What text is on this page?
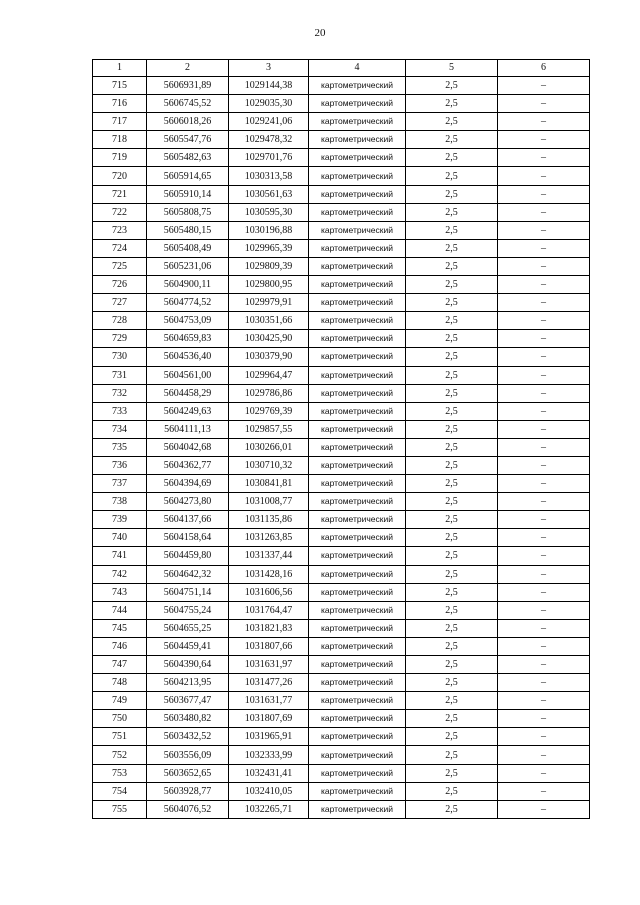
20
1	2	3	4	5	6
715	5606931,89	1029144,38	картометрический	2,5	–
716	5606745,52	1029035,30	картометрический	2,5	–
717	5606018,26	1029241,06	картометрический	2,5	–
718	5605547,76	1029478,32	картометрический	2,5	–
719	5605482,63	1029701,76	картометрический	2,5	–
720	5605914,65	1030313,58	картометрический	2,5	–
721	5605910,14	1030561,63	картометрический	2,5	–
722	5605808,75	1030595,30	картометрический	2,5	–
723	5605480,15	1030196,88	картометрический	2,5	–
724	5605408,49	1029965,39	картометрический	2,5	–
725	5605231,06	1029809,39	картометрический	2,5	–
726	5604900,11	1029800,95	картометрический	2,5	–
727	5604774,52	1029979,91	картометрический	2,5	–
728	5604753,09	1030351,66	картометрический	2,5	–
729	5604659,83	1030425,90	картометрический	2,5	–
730	5604536,40	1030379,90	картометрический	2,5	–
731	5604561,00	1029964,47	картометрический	2,5	–
732	5604458,29	1029786,86	картометрический	2,5	–
733	5604249,63	1029769,39	картометрический	2,5	–
734	5604111,13	1029857,55	картометрический	2,5	–
735	5604042,68	1030266,01	картометрический	2,5	–
736	5604362,77	1030710,32	картометрический	2,5	–
737	5604394,69	1030841,81	картометрический	2,5	–
738	5604273,80	1031008,77	картометрический	2,5	–
739	5604137,66	1031135,86	картометрический	2,5	–
740	5604158,64	1031263,85	картометрический	2,5	–
741	5604459,80	1031337,44	картометрический	2,5	–
742	5604642,32	1031428,16	картометрический	2,5	–
743	5604751,14	1031606,56	картометрический	2,5	–
744	5604755,24	1031764,47	картометрический	2,5	–
745	5604655,25	1031821,83	картометрический	2,5	–
746	5604459,41	1031807,66	картометрический	2,5	–
747	5604390,64	1031631,97	картометрический	2,5	–
748	5604213,95	1031477,26	картометрический	2,5	–
749	5603677,47	1031631,77	картометрический	2,5	–
750	5603480,82	1031807,69	картометрический	2,5	–
751	5603432,52	1031965,91	картометрический	2,5	–
752	5603556,09	1032333,99	картометрический	2,5	–
753	5603652,65	1032431,41	картометрический	2,5	–
754	5603928,77	1032410,05	картометрический	2,5	–
755	5604076,52	1032265,71	картометрический	2,5	–
